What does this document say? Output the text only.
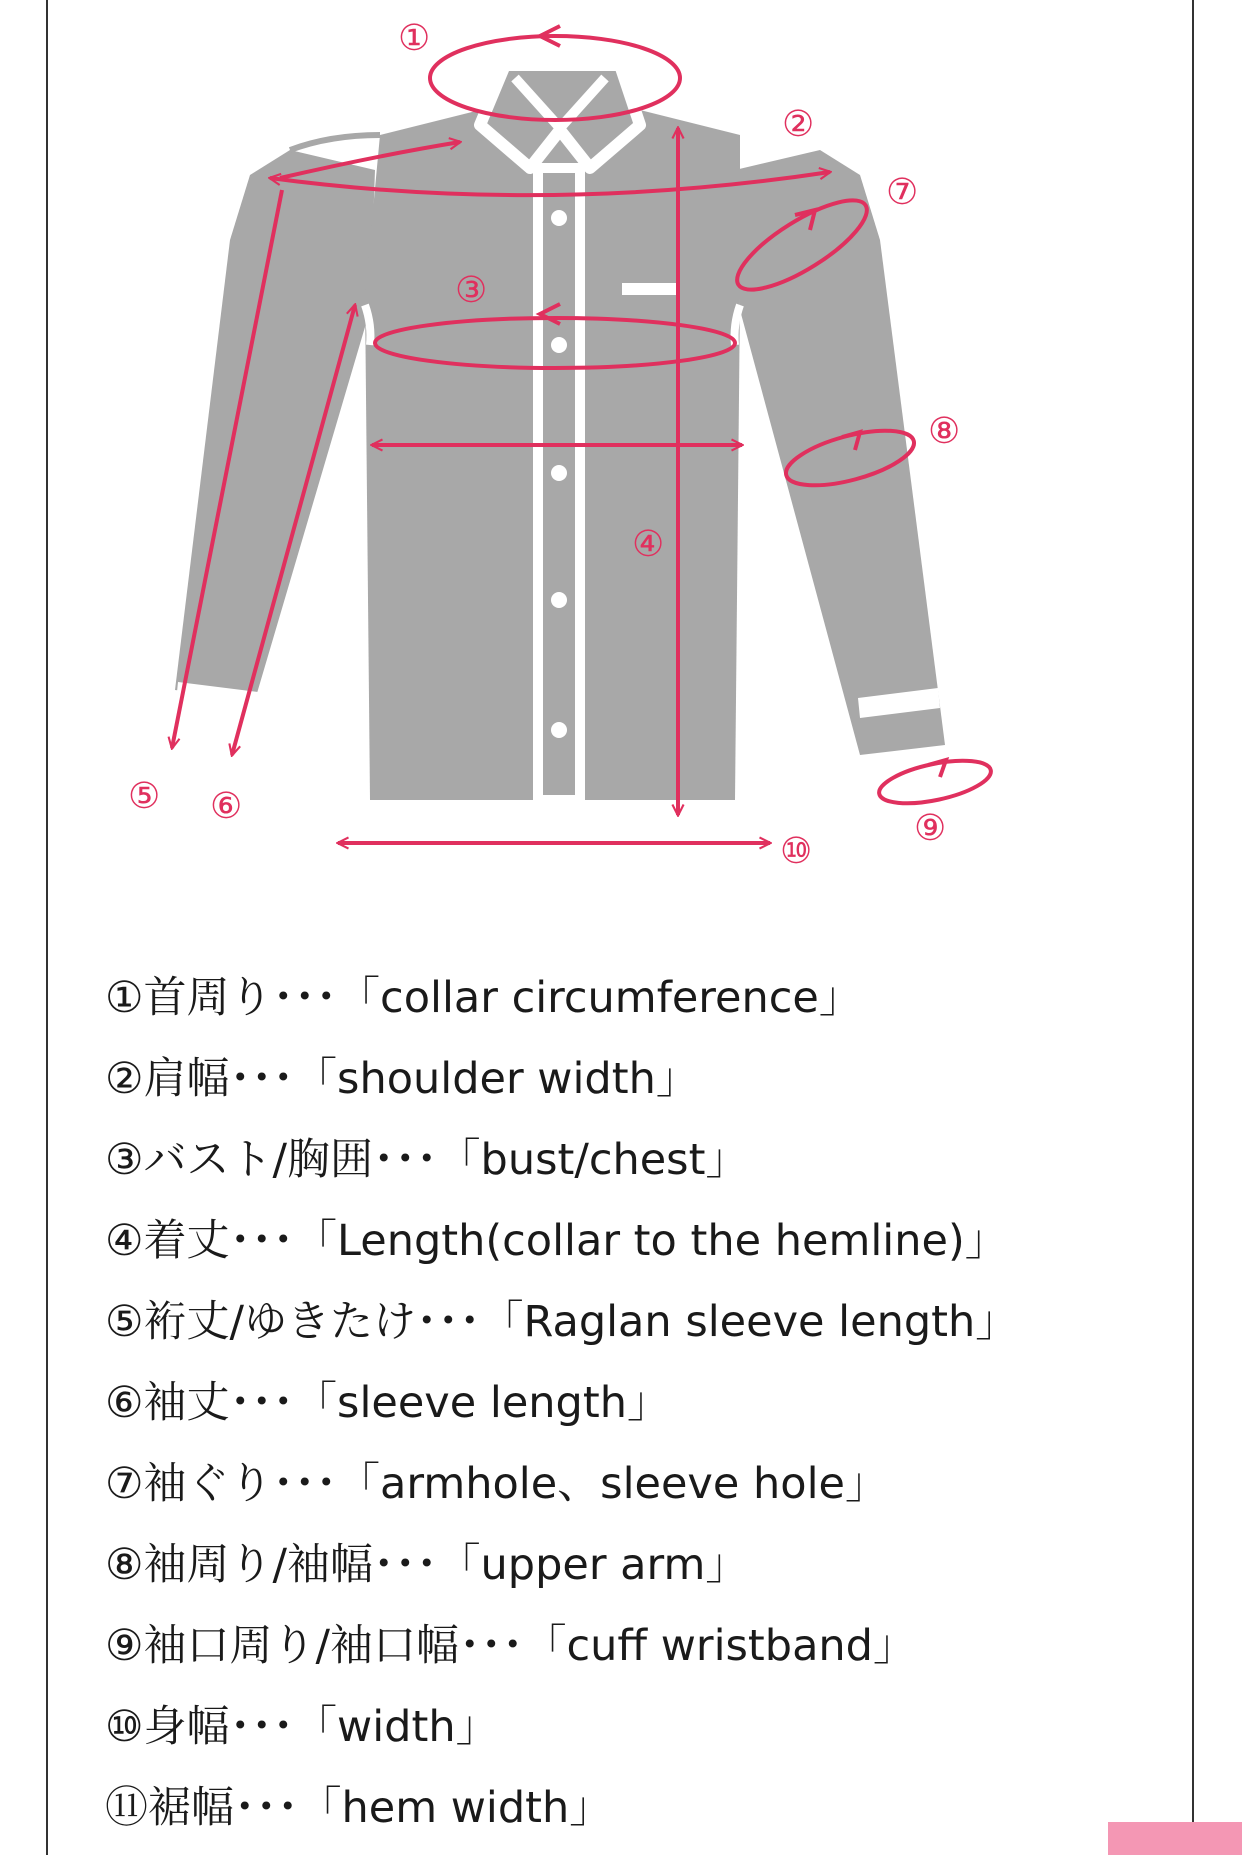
①
②
③
④
⑤ ⑥
⑦
⑧
⑨
⑩
①首周り･･･「collar circumference」
②肩幅･･･「shoulder width」
③バスト/胸囲･･･「bust/chest」
④着丈･･･「Length(collar to the hemline)」
⑤裄丈/ゆきたけ･･･「Raglan sleeve length」
⑥袖丈･･･「sleeve length」
⑦袖ぐり･･･「armhole、sleeve hole」
⑧袖周り/袖幅･･･「upper arm」
⑨袖口周り/袖口幅･･･「cuff wristband」
⑩身幅･･･「width」
⑪裾幅･･･「hem width」
